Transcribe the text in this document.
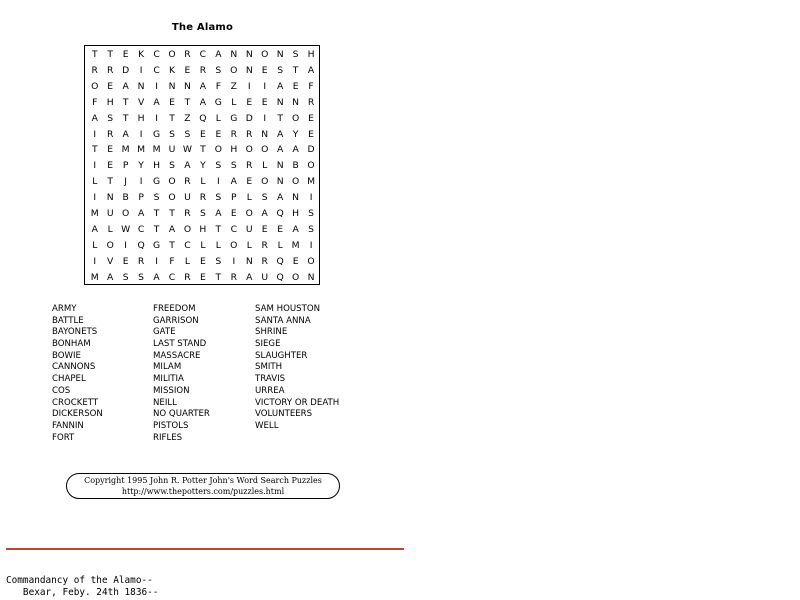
The Alamo
T	T	E	K	C O R C A N N O N S H
R R D	I	C	K	E	R	S O N E	S	T	A
O E	A N	I	N N A	F	Z	I	I	A	E	F
F	H T	V A	E	T	A G	L	E	E N N R
A	S	T H	I	T	Z Q	L	G D	I	T O E
I	R A	I	G S	S	E	E	R R N A	Y	E
T	E M M M U W T O H O O A A D
I	E	P	Y H S	A	Y	S	S	R	L	N B O
L	T	J	I	G O R	L	I	A	E O N O M
I	N B	P	S O U R	S	P	L	S	A N	I
M U O A	T	T	R	S	A	E O A Q H S
A	L W C	T	A O H T	C U E	E	A	S
L	O	I	Q G T	C	L	L	O	L	R	L M	I
I	V	E	R	I	F	L	E	S	I	N R Q E O
M A	S	S	A C R	E	T	R A U Q O N
ARMY
BATTLE
BAYONETS
BONHAM
BOWIE
CANNONS
CHAPEL
COS
CROCKETT
DICKERSON
FANNIN
FORT
FREEDOM
GARRISON
GATE
LAST STAND
MASSACRE
MILAM
MILITIA
MISSION
NEILL
NO QUARTER
PISTOLS
RIFLES
SAM HOUSTON
SANTA ANNA
SHRINE
SIEGE
SLAUGHTER
SMITH
TRAVIS
URREA
VICTORY OR DEATH
VOLUNTEERS
WELL
Copyright 1995 John R. Potter John's Word Search Puzzles
http://www.thepotters.com/puzzles.html
Commandancy of the Alamo--
Bexar, Feby. 24th 1836--
